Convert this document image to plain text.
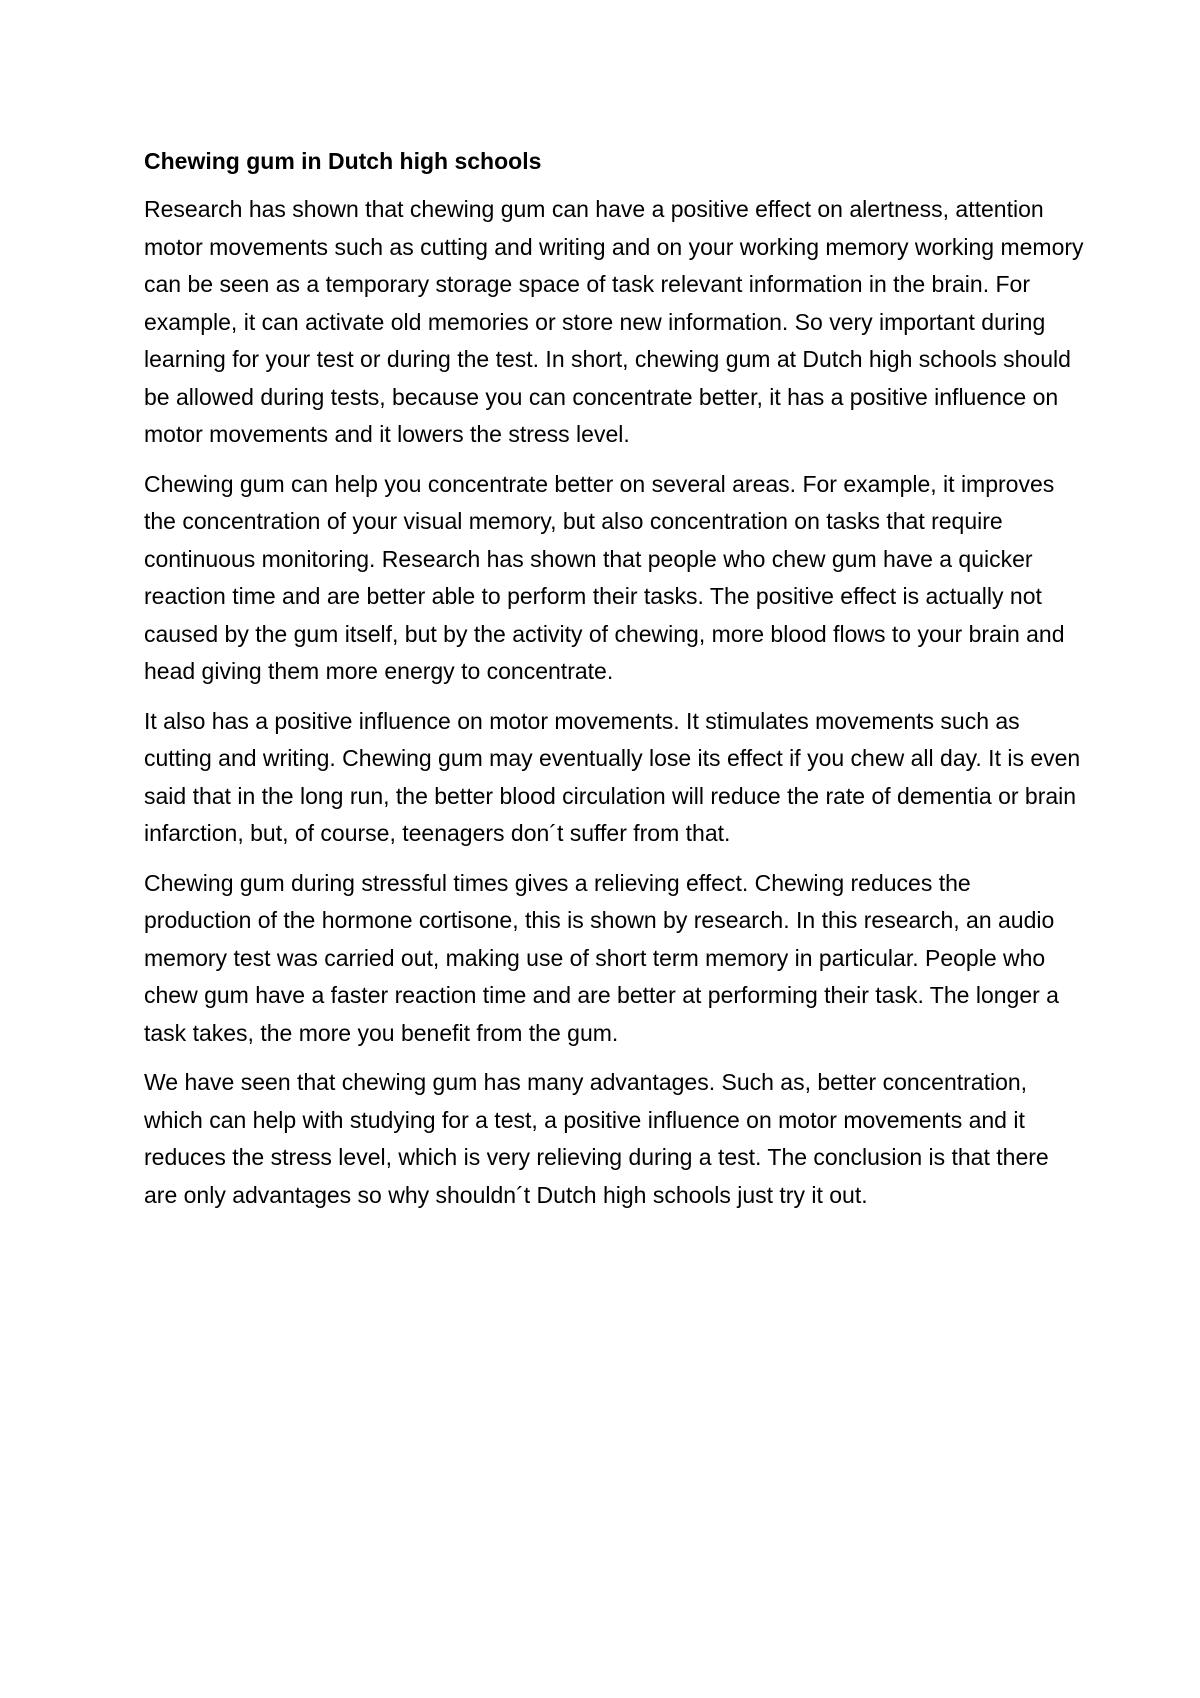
Chewing gum in Dutch high schools

Research has shown that chewing gum can have a positive effect on alertness, attention motor movements such as cutting and writing and on your working memory working memory can be seen as a temporary storage space of task relevant information in the brain. For example, it can activate old memories or store new information. So very important during learning for your test or during the test. In short, chewing gum at Dutch high schools should be allowed during tests, because you can concentrate better, it has a positive influence on motor movements and it lowers the stress level.

Chewing gum can help you concentrate better on several areas. For example, it improves the concentration of your visual memory, but also concentration on tasks that require continuous monitoring. Research has shown that people who chew gum have a quicker reaction time and are better able to perform their tasks. The positive effect is actually not caused by the gum itself, but by the activity of chewing, more blood flows to your brain and head giving them more energy to concentrate.

It also has a positive influence on motor movements. It stimulates movements such as cutting and writing. Chewing gum may eventually lose its effect if you chew all day. It is even said that in the long run, the better blood circulation will reduce the rate of dementia or brain infarction, but, of course, teenagers don´t suffer from that.

Chewing gum during stressful times gives a relieving effect. Chewing reduces the production of the hormone cortisone, this is shown by research. In this research, an audio memory test was carried out, making use of short term memory in particular. People who chew gum have a faster reaction time and are better at performing their task. The longer a task takes, the more you benefit from the gum.

We have seen that chewing gum has many advantages. Such as, better concentration, which can help with studying for a test, a positive influence on motor movements and it reduces the stress level, which is very relieving during a test. The conclusion is that there are only advantages so why shouldn´t Dutch high schools just try it out.
